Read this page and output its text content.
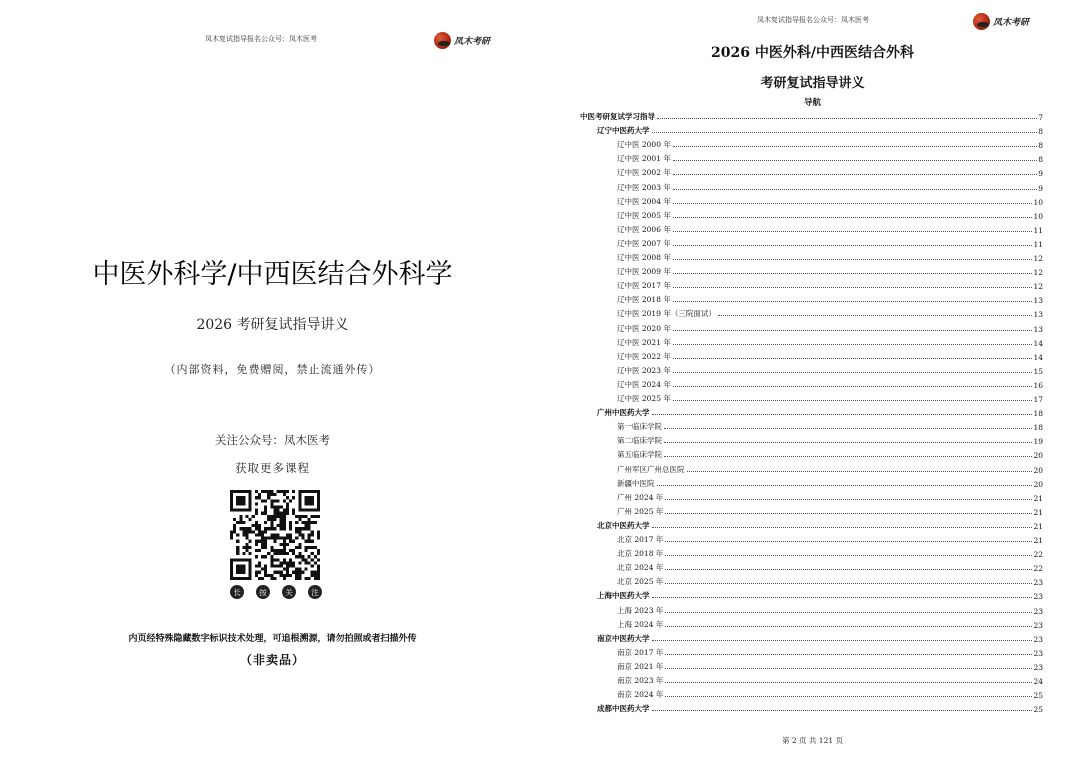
凤木复试指导报名公众号：凤木医考	凤木考研
中医外科学/中西医结合外科学
2026 考研复试指导讲义
（内部资料，免费赠阅，禁止流通外传）
关注公众号：凤木医考
获取更多课程
长	按	关	注
内页经特殊隐藏数字标识技术处理，可追根溯源，请勿拍照或者扫描外传
（非卖品）
凤木复试指导报名公众号：凤木医考	凤木考研
2026 中医外科/中西医结合外科
考研复试指导讲义
导航
中医考研复试学习指导	7
辽宁中医药大学	8
辽中医 2000 年	8
辽中医 2001 年	8
辽中医 2002 年	9
辽中医 2003 年	9
辽中医 2004 年	10
辽中医 2005 年	10
辽中医 2006 年	11
辽中医 2007 年	11
辽中医 2008 年	12
辽中医 2009 年	12
辽中医 2017 年	12
辽中医 2018 年	13
辽中医 2019 年（三院面试）	13
辽中医 2020 年	13
辽中医 2021 年	14
辽中医 2022 年	14
辽中医 2023 年	15
辽中医 2024 年	16
辽中医 2025 年	17
广州中医药大学	18
第一临床学院	18
第二临床学院	19
第五临床学院	20
广州军区广州总医院	20
新疆中医院	20
广州 2024 年	21
广州 2025 年	21
北京中医药大学	21
北京 2017 年	21
北京 2018 年	22
北京 2024 年	22
北京 2025 年	23
上海中医药大学	23
上海 2023 年	23
上海 2024 年	23
南京中医药大学	23
南京 2017 年	23
南京 2021 年	23
南京 2023 年	24
南京 2024 年	25
成都中医药大学	25
第 2 页 共 121 页
